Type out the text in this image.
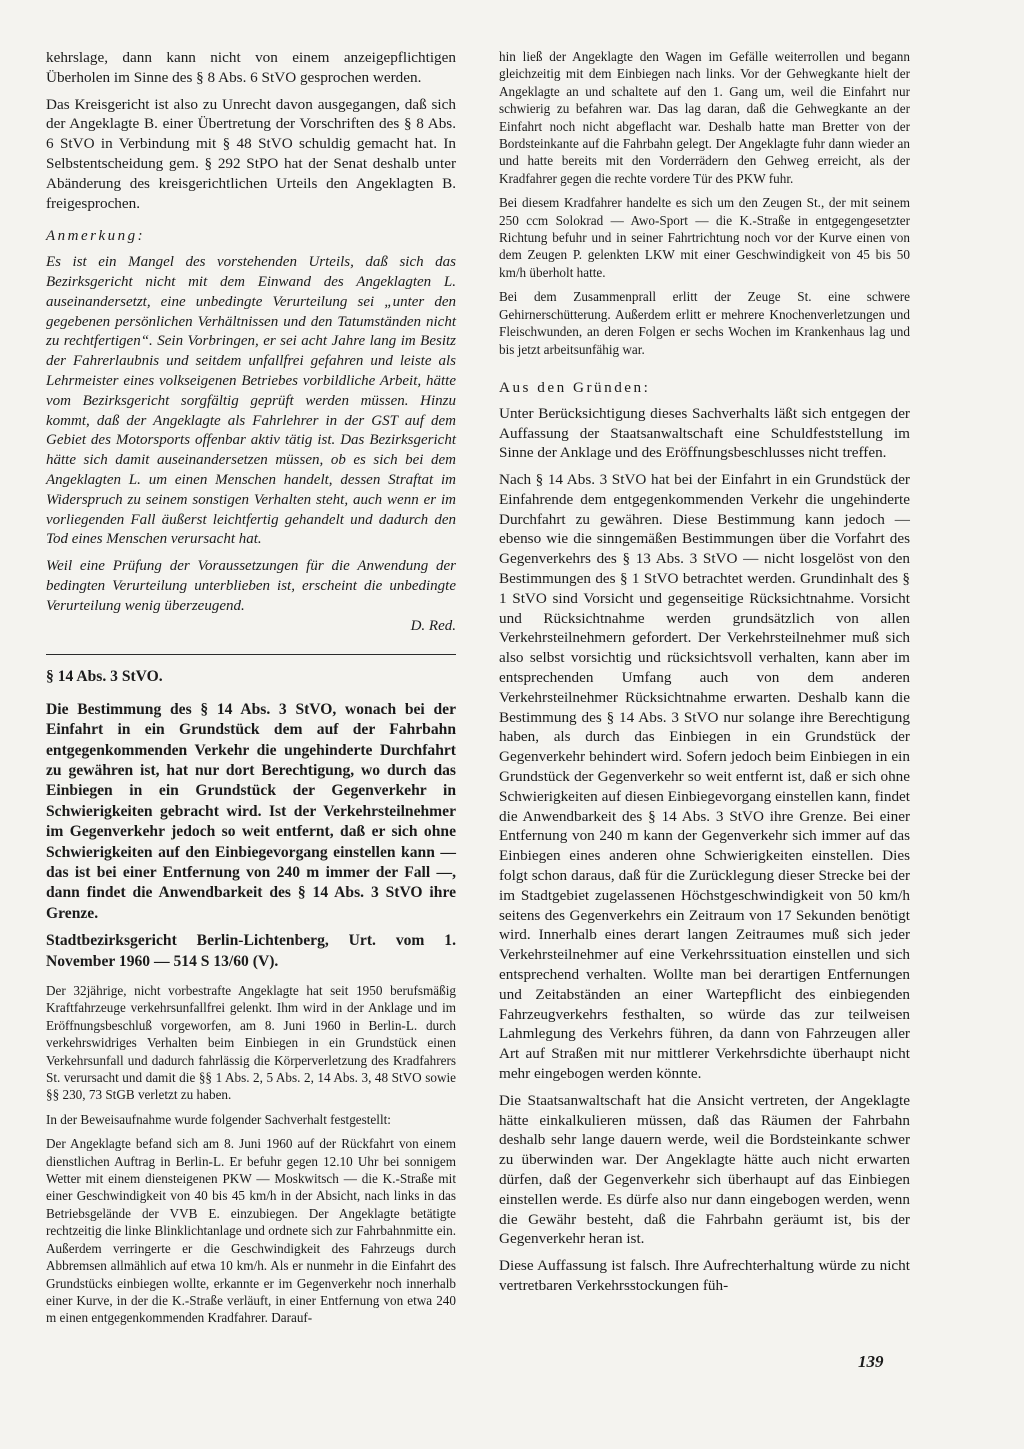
kehrslage, dann kann nicht von einem anzeigepflichtigen Überholen im Sinne des § 8 Abs. 6 StVO gesprochen werden.

Das Kreisgericht ist also zu Unrecht davon ausgegangen, daß sich der Angeklagte B. einer Übertretung der Vorschriften des § 8 Abs. 6 StVO in Verbindung mit § 48 StVO schuldig gemacht hat. In Selbstentscheidung gem. § 292 StPO hat der Senat deshalb unter Abänderung des kreisgerichtlichen Urteils den Angeklagten B. freigesprochen.

Anmerkung:

Es ist ein Mangel des vorstehenden Urteils, daß sich das Bezirksgericht nicht mit dem Einwand des Angeklagten L. auseinandersetzt, eine unbedingte Verurteilung sei „unter den gegebenen persönlichen Verhältnissen und den Tatumständen nicht zu rechtfertigen“. Sein Vorbringen, er sei acht Jahre lang im Besitz der Fahrerlaubnis und seitdem unfallfrei gefahren und leiste als Lehrmeister eines volkseigenen Betriebes vorbildliche Arbeit, hätte vom Bezirksgericht sorgfältig geprüft werden müssen. Hinzu kommt, daß der Angeklagte als Fahrlehrer in der GST auf dem Gebiet des Motorsports offenbar aktiv tätig ist. Das Bezirksgericht hätte sich damit auseinandersetzen müssen, ob es sich bei dem Angeklagten L. um einen Menschen handelt, dessen Straftat im Widerspruch zu seinem sonstigen Verhalten steht, auch wenn er im vorliegenden Fall äußerst leichtfertig gehandelt und dadurch den Tod eines Menschen verursacht hat.

Weil eine Prüfung der Voraussetzungen für die Anwendung der bedingten Verurteilung unterblieben ist, erscheint die unbedingte Verurteilung wenig überzeugend.

D. Red.

§ 14 Abs. 3 StVO.

Die Bestimmung des § 14 Abs. 3 StVO, wonach bei der Einfahrt in ein Grundstück dem auf der Fahrbahn entgegenkommenden Verkehr die ungehinderte Durchfahrt zu gewähren ist, hat nur dort Berechtigung, wo durch das Einbiegen in ein Grundstück der Gegenverkehr in Schwierigkeiten gebracht wird. Ist der Verkehrsteilnehmer im Gegenverkehr jedoch so weit entfernt, daß er sich ohne Schwierigkeiten auf den Einbiegevorgang einstellen kann — das ist bei einer Entfernung von 240 m immer der Fall —, dann findet die Anwendbarkeit des § 14 Abs. 3 StVO ihre Grenze.

Stadtbezirksgericht Berlin-Lichtenberg, Urt. vom 1. November 1960 — 514 S 13/60 (V).

Der 32jährige, nicht vorbestrafte Angeklagte hat seit 1950 berufsmäßig Kraftfahrzeuge verkehrsunfallfrei gelenkt. Ihm wird in der Anklage und im Eröffnungsbeschluß vorgeworfen, am 8. Juni 1960 in Berlin-L. durch verkehrswidriges Verhalten beim Einbiegen in ein Grundstück einen Verkehrsunfall und dadurch fahrlässig die Körperverletzung des Kradfahrers St. verursacht und damit die §§ 1 Abs. 2, 5 Abs. 2, 14 Abs. 3, 48 StVO sowie §§ 230, 73 StGB verletzt zu haben.

In der Beweisaufnahme wurde folgender Sachverhalt festgestellt:

Der Angeklagte befand sich am 8. Juni 1960 auf der Rückfahrt von einem dienstlichen Auftrag in Berlin-L. Er befuhr gegen 12.10 Uhr bei sonnigem Wetter mit einem diensteigenen PKW — Moskwitsch — die K.-Straße mit einer Geschwindigkeit von 40 bis 45 km/h in der Absicht, nach links in das Betriebsgelände der VVB E. einzubiegen. Der Angeklagte betätigte rechtzeitig die linke Blinklichtanlage und ordnete sich zur Fahrbahnmitte ein. Außerdem verringerte er die Geschwindigkeit des Fahrzeugs durch Abbremsen allmählich auf etwa 10 km/h. Als er nunmehr in die Einfahrt des Grundstücks einbiegen wollte, erkannte er im Gegenverkehr noch innerhalb einer Kurve, in der die K.-Straße verläuft, in einer Entfernung von etwa 240 m einen entgegenkommenden Kradfahrer. Darauf-

hin ließ der Angeklagte den Wagen im Gefälle weiterrollen und begann gleichzeitig mit dem Einbiegen nach links. Vor der Gehwegkante hielt der Angeklagte an und schaltete auf den 1. Gang um, weil die Einfahrt nur schwierig zu befahren war. Das lag daran, daß die Gehwegkante an der Einfahrt noch nicht abgeflacht war. Deshalb hatte man Bretter von der Bordsteinkante auf die Fahrbahn gelegt. Der Angeklagte fuhr dann wieder an und hatte bereits mit den Vorderrädern den Gehweg erreicht, als der Kradfahrer gegen die rechte vordere Tür des PKW fuhr.

Bei diesem Kradfahrer handelte es sich um den Zeugen St., der mit seinem 250 ccm Solokrad — Awo-Sport — die K.-Straße in entgegengesetzter Richtung befuhr und in seiner Fahrtrichtung noch vor der Kurve einen von dem Zeugen P. gelenkten LKW mit einer Geschwindigkeit von 45 bis 50 km/h überholt hatte.

Bei dem Zusammenprall erlitt der Zeuge St. eine schwere Gehirnerschütterung. Außerdem erlitt er mehrere Knochenverletzungen und Fleischwunden, an deren Folgen er sechs Wochen im Krankenhaus lag und bis jetzt arbeitsunfähig war.

Aus den Gründen:

Unter Berücksichtigung dieses Sachverhalts läßt sich entgegen der Auffassung der Staatsanwaltschaft eine Schuldfeststellung im Sinne der Anklage und des Eröffnungsbeschlusses nicht treffen.

Nach § 14 Abs. 3 StVO hat bei der Einfahrt in ein Grundstück der Einfahrende dem entgegenkommenden Verkehr die ungehinderte Durchfahrt zu gewähren. Diese Bestimmung kann jedoch — ebenso wie die sinngemäßen Bestimmungen über die Vorfahrt des Gegenverkehrs des § 13 Abs. 3 StVO — nicht losgelöst von den Bestimmungen des § 1 StVO betrachtet werden. Grundinhalt des § 1 StVO sind Vorsicht und gegenseitige Rücksichtnahme. Vorsicht und Rücksichtnahme werden grundsätzlich von allen Verkehrsteilnehmern gefordert. Der Verkehrsteilnehmer muß sich also selbst vorsichtig und rücksichtsvoll verhalten, kann aber im entsprechenden Umfang auch von dem anderen Verkehrsteilnehmer Rücksichtnahme erwarten. Deshalb kann die Bestimmung des § 14 Abs. 3 StVO nur solange ihre Berechtigung haben, als durch das Einbiegen in ein Grundstück der Gegenverkehr behindert wird. Sofern jedoch beim Einbiegen in ein Grundstück der Gegenverkehr so weit entfernt ist, daß er sich ohne Schwierigkeiten auf diesen Einbiegevorgang einstellen kann, findet die Anwendbarkeit des § 14 Abs. 3 StVO ihre Grenze. Bei einer Entfernung von 240 m kann der Gegenverkehr sich immer auf das Einbiegen eines anderen ohne Schwierigkeiten einstellen. Dies folgt schon daraus, daß für die Zurücklegung dieser Strecke bei der im Stadtgebiet zugelassenen Höchstgeschwindigkeit von 50 km/h seitens des Gegenverkehrs ein Zeitraum von 17 Sekunden benötigt wird. Innerhalb eines derart langen Zeitraumes muß sich jeder Verkehrsteilnehmer auf eine Verkehrssituation einstellen und sich entsprechend verhalten. Wollte man bei derartigen Entfernungen und Zeitabständen an einer Wartepflicht des einbiegenden Fahrzeugverkehrs festhalten, so würde das zur teilweisen Lahmlegung des Verkehrs führen, da dann von Fahrzeugen aller Art auf Straßen mit nur mittlerer Verkehrsdichte überhaupt nicht mehr eingebogen werden könnte.

Die Staatsanwaltschaft hat die Ansicht vertreten, der Angeklagte hätte einkalkulieren müssen, daß das Räumen der Fahrbahn deshalb sehr lange dauern werde, weil die Bordsteinkante schwer zu überwinden war. Der Angeklagte hätte auch nicht erwarten dürfen, daß der Gegenverkehr sich überhaupt auf das Einbiegen einstellen werde. Es dürfe also nur dann eingebogen werden, wenn die Gewähr besteht, daß die Fahrbahn geräumt ist, bis der Gegenverkehr heran ist.

Diese Auffassung ist falsch. Ihre Aufrechterhaltung würde zu nicht vertretbaren Verkehrsstockungen füh-

139
